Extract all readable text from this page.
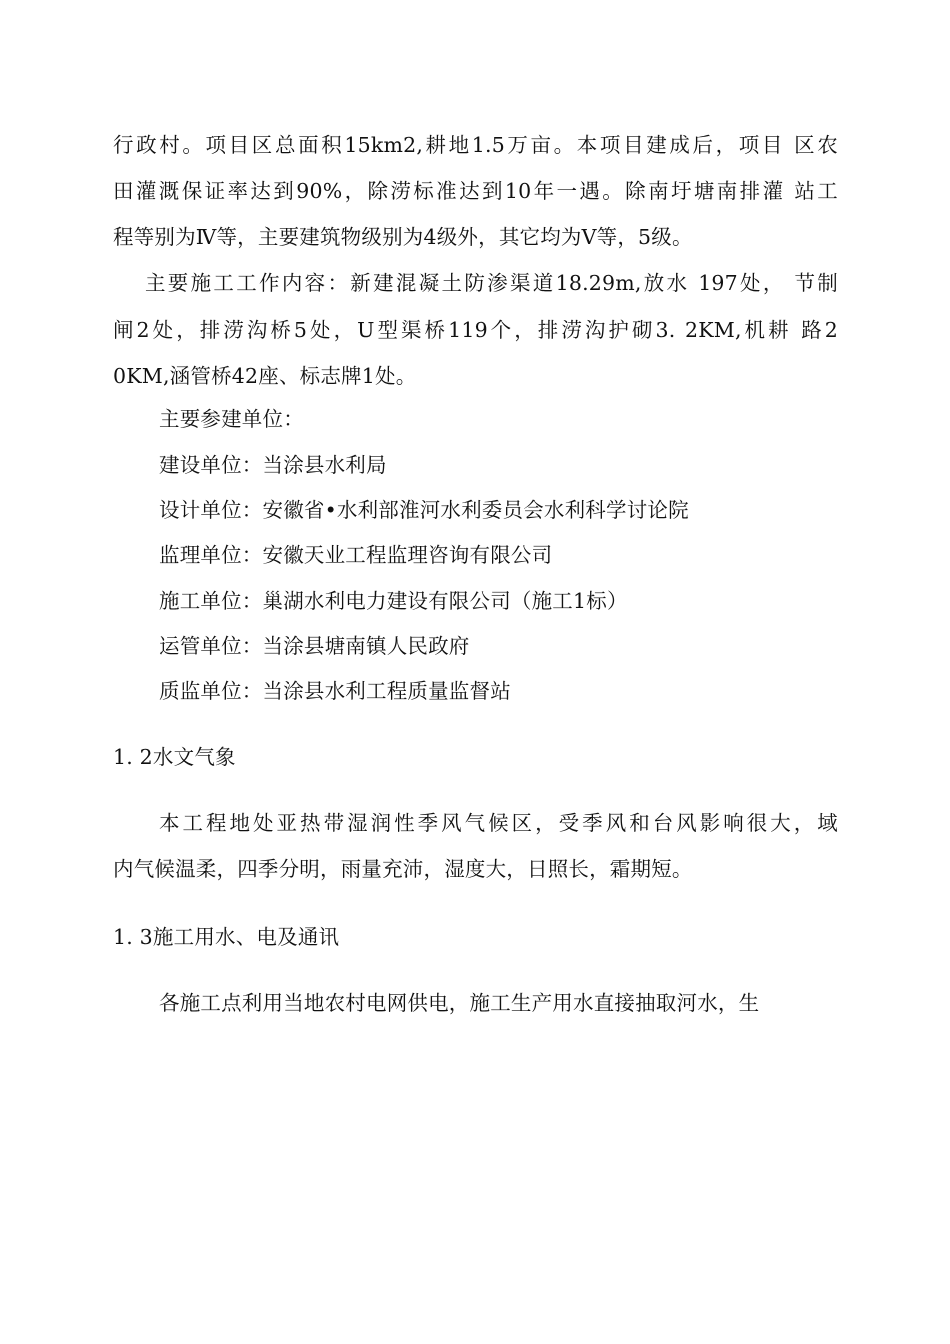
行政村。项目区总面积15km2,耕地1.5万亩。本项目建成后，项目 区农
田灌溉保证率达到90%，除涝标准达到10年一遇。除南圩塘南排灌 站工
程等别为Ⅳ等，主要建筑物级别为4级外，其它均为Ⅴ等，5级。
主要施工工作内容：新建混凝土防渗渠道18.29m,放水 197处， 节制
闸2处，排涝沟桥5处，U型渠桥119个，排涝沟护砌3. 2KM,机耕 路2
0KM,涵管桥42座、标志牌1处。
主要参建单位：
建设单位：当涂县水利局
设计单位：安徽省•水利部淮河水利委员会水利科学讨论院
监理单位：安徽天业工程监理咨询有限公司
施工单位：巢湖水利电力建设有限公司（施工1标）
运管单位：当涂县塘南镇人民政府
质监单位：当涂县水利工程质量监督站
1. 2水文气象
本工程地处亚热带湿润性季风气候区，受季风和台风影响很大，域
内气候温柔，四季分明，雨量充沛，湿度大，日照长，霜期短。
1. 3施工用水、电及通讯
各施工点利用当地农村电网供电，施工生产用水直接抽取河水，生
